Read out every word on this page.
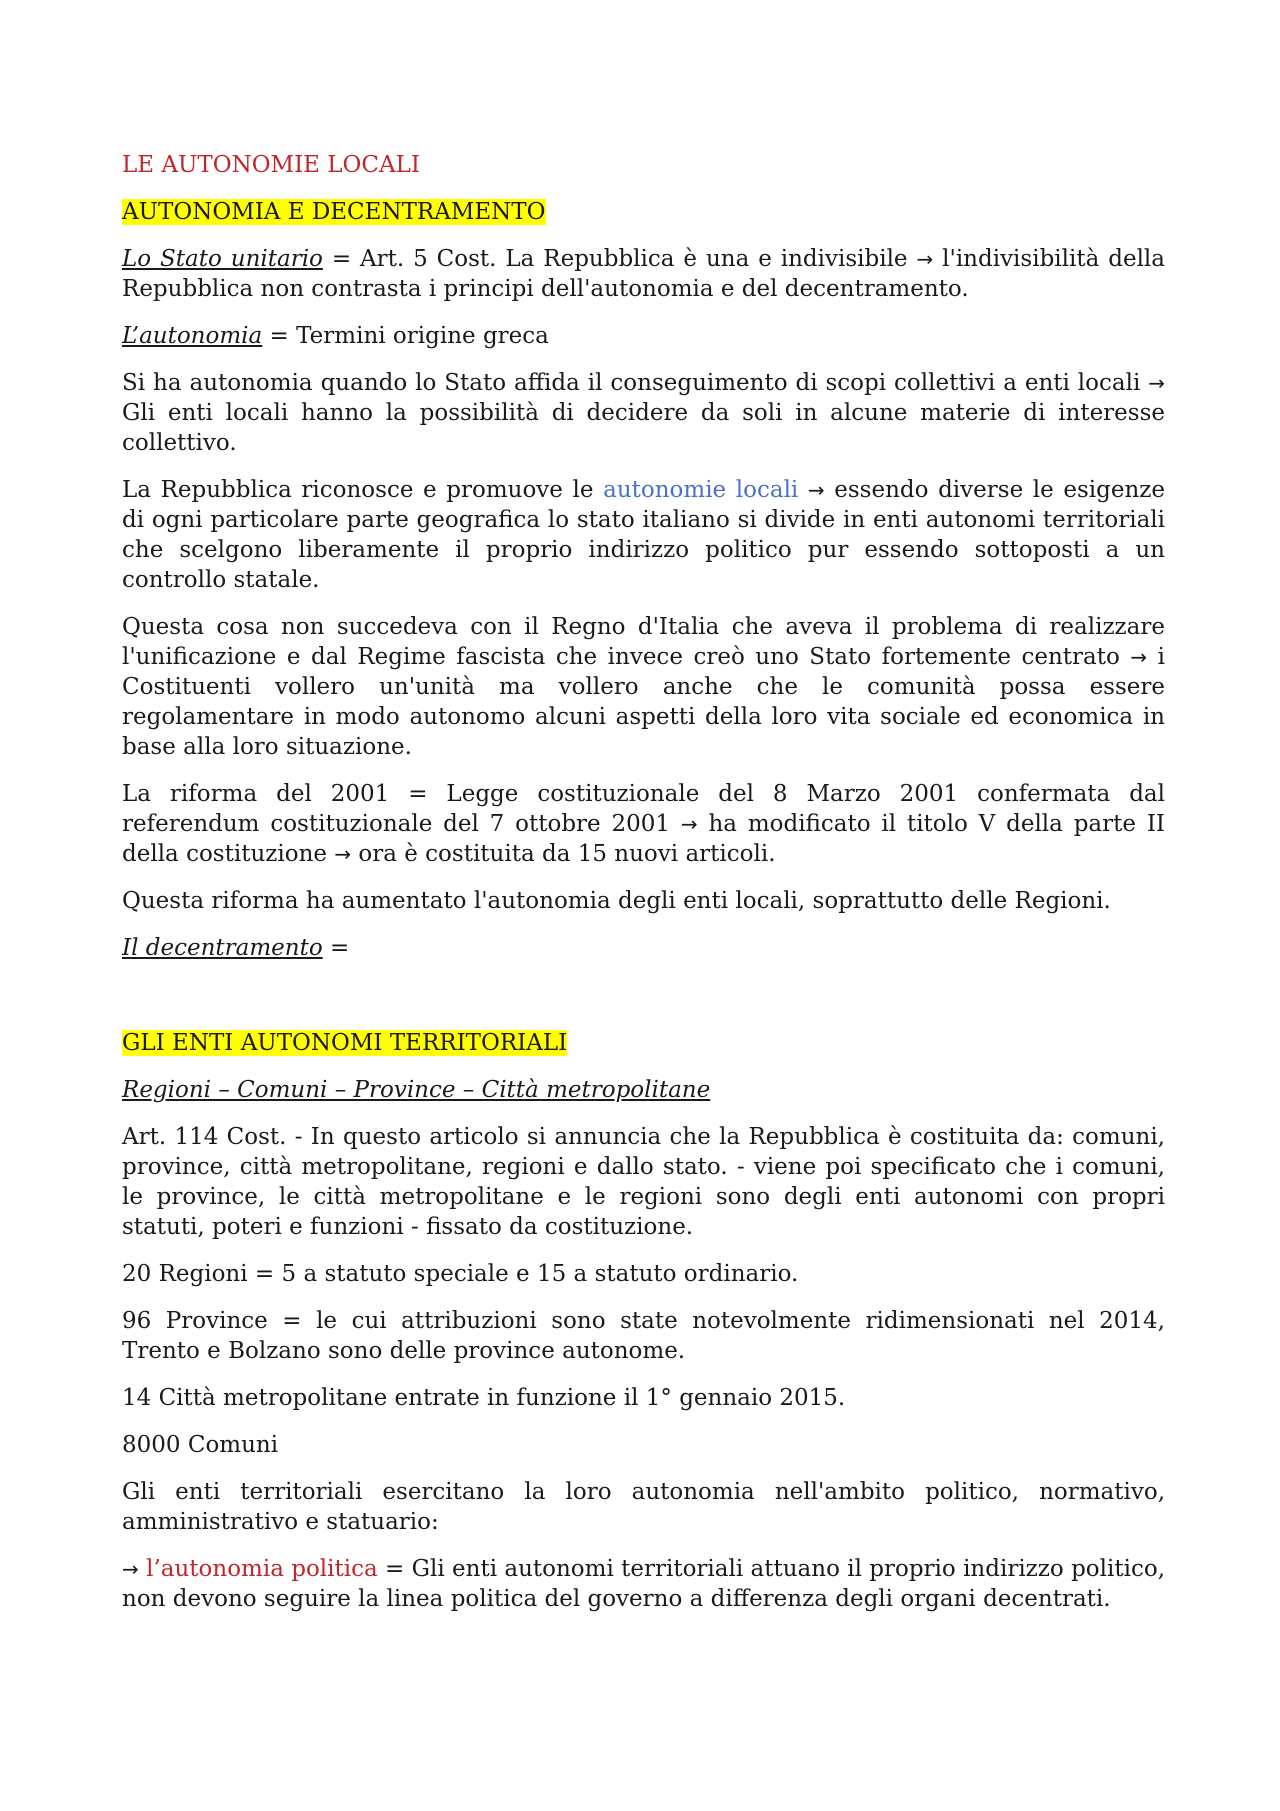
LE AUTONOMIE LOCALI
AUTONOMIA E DECENTRAMENTO

Lo Stato unitario = Art. 5 Cost. La Repubblica è una e indivisibile → l'indivisibilità della Repubblica non contrasta i principi dell'autonomia e del decentramento.

L’autonomia = Termini origine greca

Si ha autonomia quando lo Stato affida il conseguimento di scopi collettivi a enti locali → Gli enti locali hanno la possibilità di decidere da soli in alcune materie di interesse collettivo.

La Repubblica riconosce e promuove le autonomie locali → essendo diverse le esigenze di ogni particolare parte geografica lo stato italiano si divide in enti autonomi territoriali che scelgono liberamente il proprio indirizzo politico pur essendo sottoposti a un controllo statale.

Questa cosa non succedeva con il Regno d'Italia che aveva il problema di realizzare l'unificazione e dal Regime fascista che invece creò uno Stato fortemente centrato → i Costituenti vollero un'unità ma vollero anche che le comunità possa essere regolamentare in modo autonomo alcuni aspetti della loro vita sociale ed economica in base alla loro situazione.

La riforma del 2001 = Legge costituzionale del 8 Marzo 2001 confermata dal referendum costituzionale del 7 ottobre 2001 → ha modificato il titolo V della parte II della costituzione → ora è costituita da 15 nuovi articoli.

Questa riforma ha aumentato l'autonomia degli enti locali, soprattutto delle Regioni.

Il decentramento =

GLI ENTI AUTONOMI TERRITORIALI

Regioni – Comuni – Province – Città metropolitane

Art. 114 Cost. - In questo articolo si annuncia che la Repubblica è costituita da: comuni, province, città metropolitane, regioni e dallo stato. - viene poi specificato che i comuni, le province, le città metropolitane e le regioni sono degli enti autonomi con propri statuti, poteri e funzioni - fissato da costituzione.

20 Regioni = 5 a statuto speciale e 15 a statuto ordinario.

96 Province = le cui attribuzioni sono state notevolmente ridimensionati nel 2014, Trento e Bolzano sono delle province autonome.

14 Città metropolitane entrate in funzione il 1° gennaio 2015.

8000 Comuni

Gli enti territoriali esercitano la loro autonomia nell'ambito politico, normativo, amministrativo e statuario:

→ l’autonomia politica = Gli enti autonomi territoriali attuano il proprio indirizzo politico, non devono seguire la linea politica del governo a differenza degli organi decentrati.
